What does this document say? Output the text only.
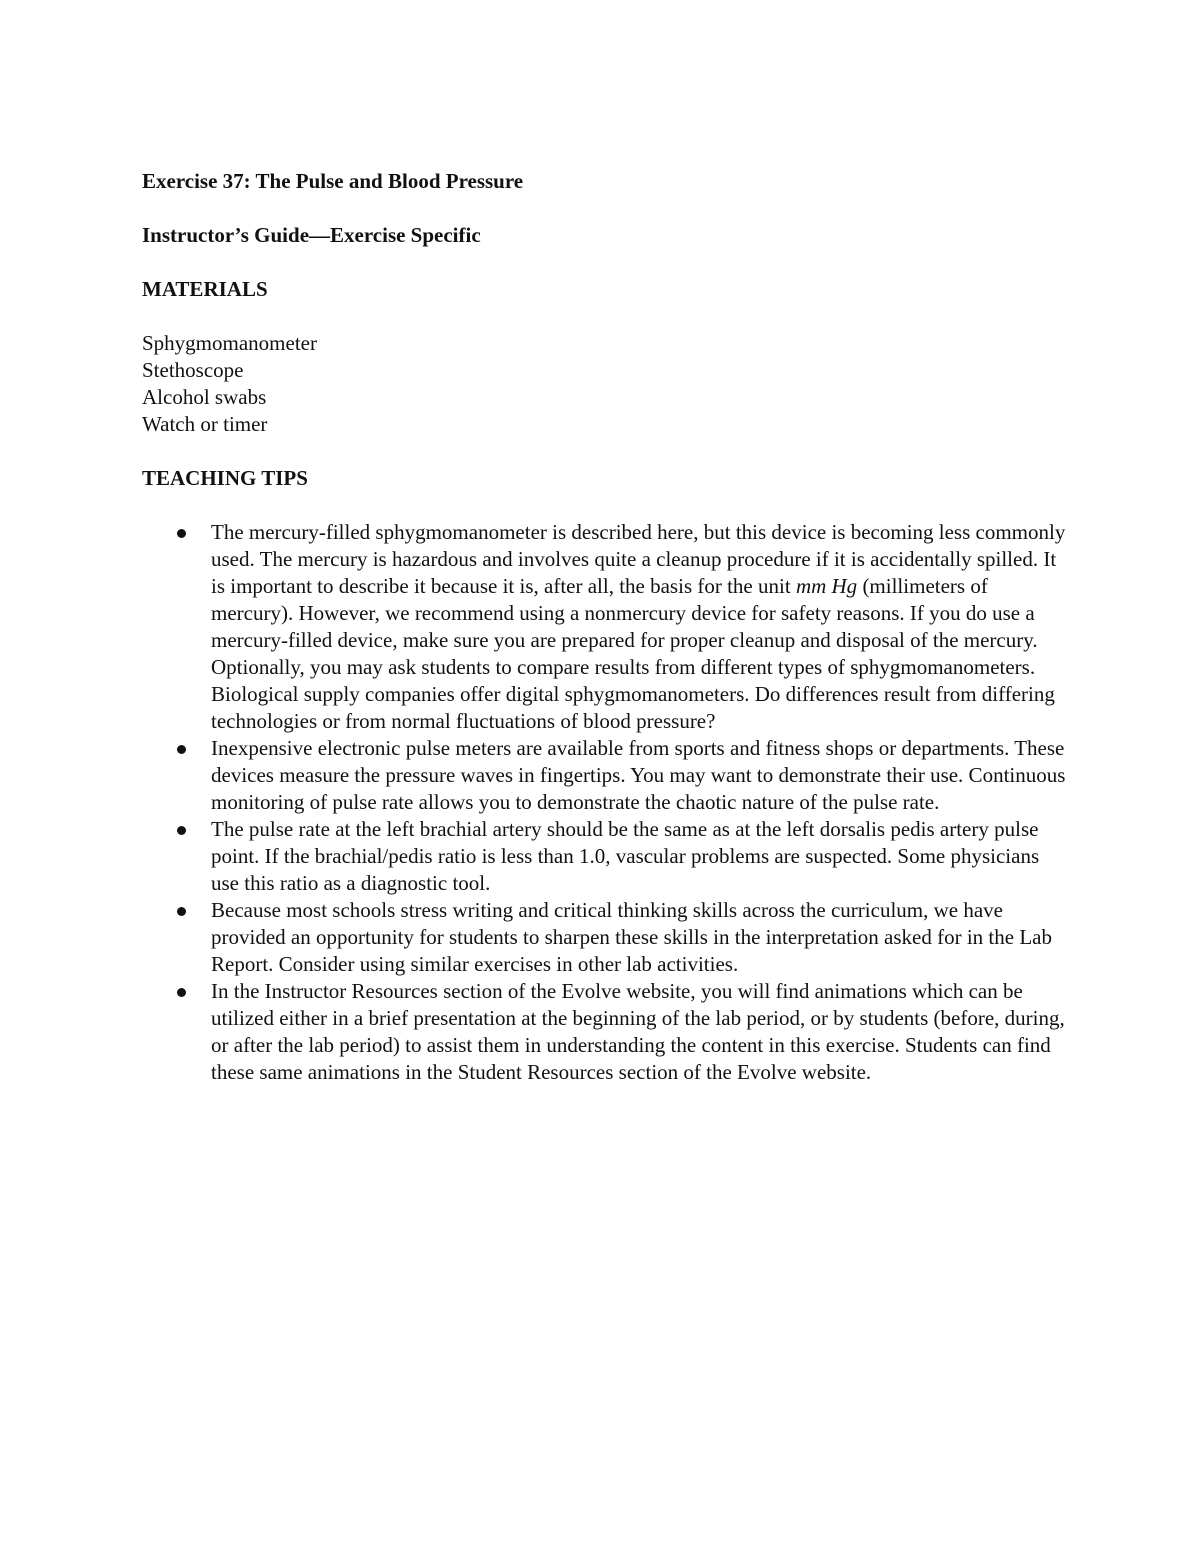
Exercise 37: The Pulse and Blood Pressure

Instructor’s Guide—Exercise Specific

MATERIALS

Sphygmomanometer
Stethoscope
Alcohol swabs
Watch or timer

TEACHING TIPS

The mercury-filled sphygmomanometer is described here, but this device is becoming less commonly used. The mercury is hazardous and involves quite a cleanup procedure if it is accidentally spilled. It is important to describe it because it is, after all, the basis for the unit mm Hg (millimeters of mercury). However, we recommend using a nonmercury device for safety reasons. If you do use a mercury-filled device, make sure you are prepared for proper cleanup and disposal of the mercury. Optionally, you may ask students to compare results from different types of sphygmomanometers. Biological supply companies offer digital sphygmomanometers. Do differences result from differing technologies or from normal fluctuations of blood pressure?
Inexpensive electronic pulse meters are available from sports and fitness shops or departments. These devices measure the pressure waves in fingertips. You may want to demonstrate their use. Continuous monitoring of pulse rate allows you to demonstrate the chaotic nature of the pulse rate.
The pulse rate at the left brachial artery should be the same as at the left dorsalis pedis artery pulse point. If the brachial/pedis ratio is less than 1.0, vascular problems are suspected. Some physicians use this ratio as a diagnostic tool.
Because most schools stress writing and critical thinking skills across the curriculum, we have provided an opportunity for students to sharpen these skills in the interpretation asked for in the Lab Report. Consider using similar exercises in other lab activities.
In the Instructor Resources section of the Evolve website, you will find animations which can be utilized either in a brief presentation at the beginning of the lab period, or by students (before, during, or after the lab period) to assist them in understanding the content in this exercise. Students can find these same animations in the Student Resources section of the Evolve website.
